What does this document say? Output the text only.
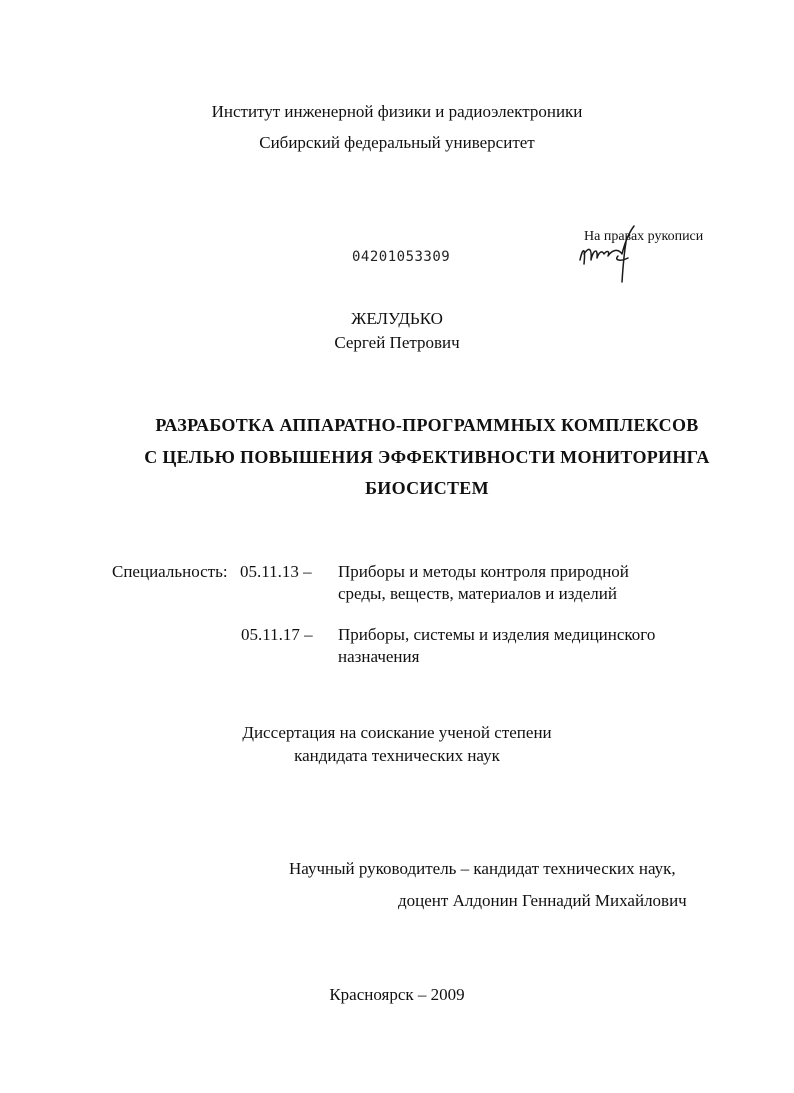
Институт инженерной физики и радиоэлектроники
Сибирский федеральный университет
На правах рукописи
04201053309
ЖЕЛУДЬКО
Сергей Петрович
РАЗРАБОТКА АППАРАТНО-ПРОГРАММНЫХ КОМПЛЕКСОВ
С ЦЕЛЬЮ ПОВЫШЕНИЯ ЭФФЕКТИВНОСТИ МОНИТОРИНГА
БИОСИСТЕМ
Специальность: 05.11.13 – Приборы и методы контроля природной
среды, веществ, материалов и изделий
05.11.17 – Приборы, системы и изделия медицинского
назначения
Диссертация на соискание ученой степени
кандидата технических наук
Научный руководитель – кандидат технических наук,
доцент Алдонин Геннадий Михайлович
Красноярск – 2009
